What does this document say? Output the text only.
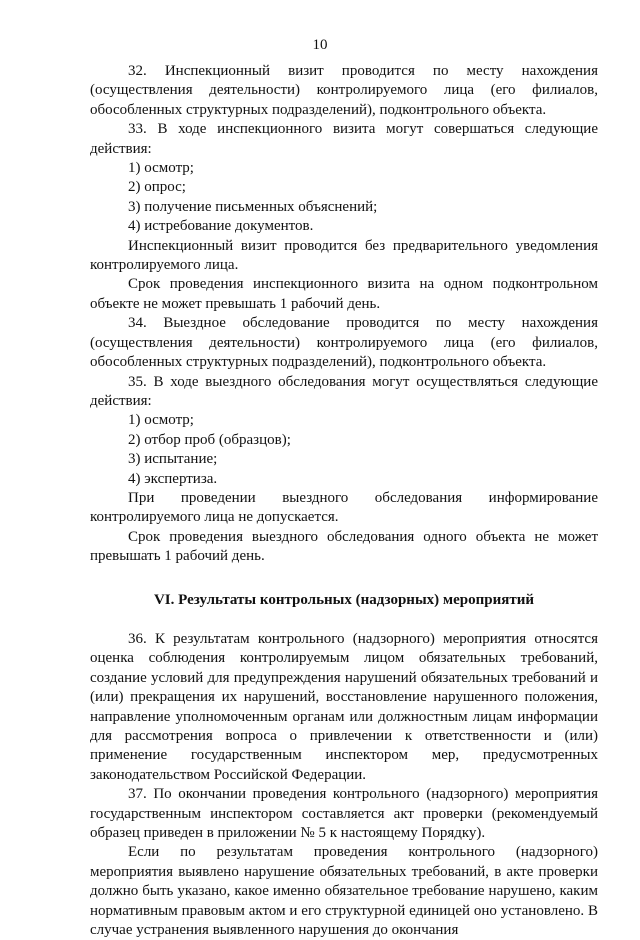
10

32. Инспекционный визит проводится по месту нахождения (осуществления деятельности) контролируемого лица (его филиалов, обособленных структурных подразделений), подконтрольного объекта.

33. В ходе инспекционного визита могут совершаться следующие действия:

1) осмотр;

2) опрос;

3) получение письменных объяснений;

4) истребование документов.

Инспекционный визит проводится без предварительного уведомления контролируемого лица.

Срок проведения инспекционного визита на одном подконтрольном объекте не может превышать 1 рабочий день.

34. Выездное обследование проводится по месту нахождения (осуществления деятельности) контролируемого лица (его филиалов, обособленных структурных подразделений), подконтрольного объекта.

35. В ходе выездного обследования могут осуществляться следующие действия:

1) осмотр;

2) отбор проб (образцов);

3) испытание;

4) экспертиза.

При проведении выездного обследования информирование контролируемого лица не допускается.

Срок проведения выездного обследования одного объекта не может превышать 1 рабочий день.

VI. Результаты контрольных (надзорных) мероприятий

36. К результатам контрольного (надзорного) мероприятия относятся оценка соблюдения контролируемым лицом обязательных требований, создание условий для предупреждения нарушений обязательных требований и (или) прекращения их нарушений, восстановление нарушенного положения, направление уполномоченным органам или должностным лицам информации для рассмотрения вопроса о привлечении к ответственности и (или) применение государственным инспектором мер, предусмотренных законодательством Российской Федерации.

37. По окончании проведения контрольного (надзорного) мероприятия государственным инспектором составляется акт проверки (рекомендуемый образец приведен в приложении № 5 к настоящему Порядку).

Если по результатам проведения контрольного (надзорного) мероприятия выявлено нарушение обязательных требований, в акте проверки должно быть указано, какое именно обязательное требование нарушено, каким нормативным правовым актом и его структурной единицей оно установлено. В случае устранения выявленного нарушения до окончания
